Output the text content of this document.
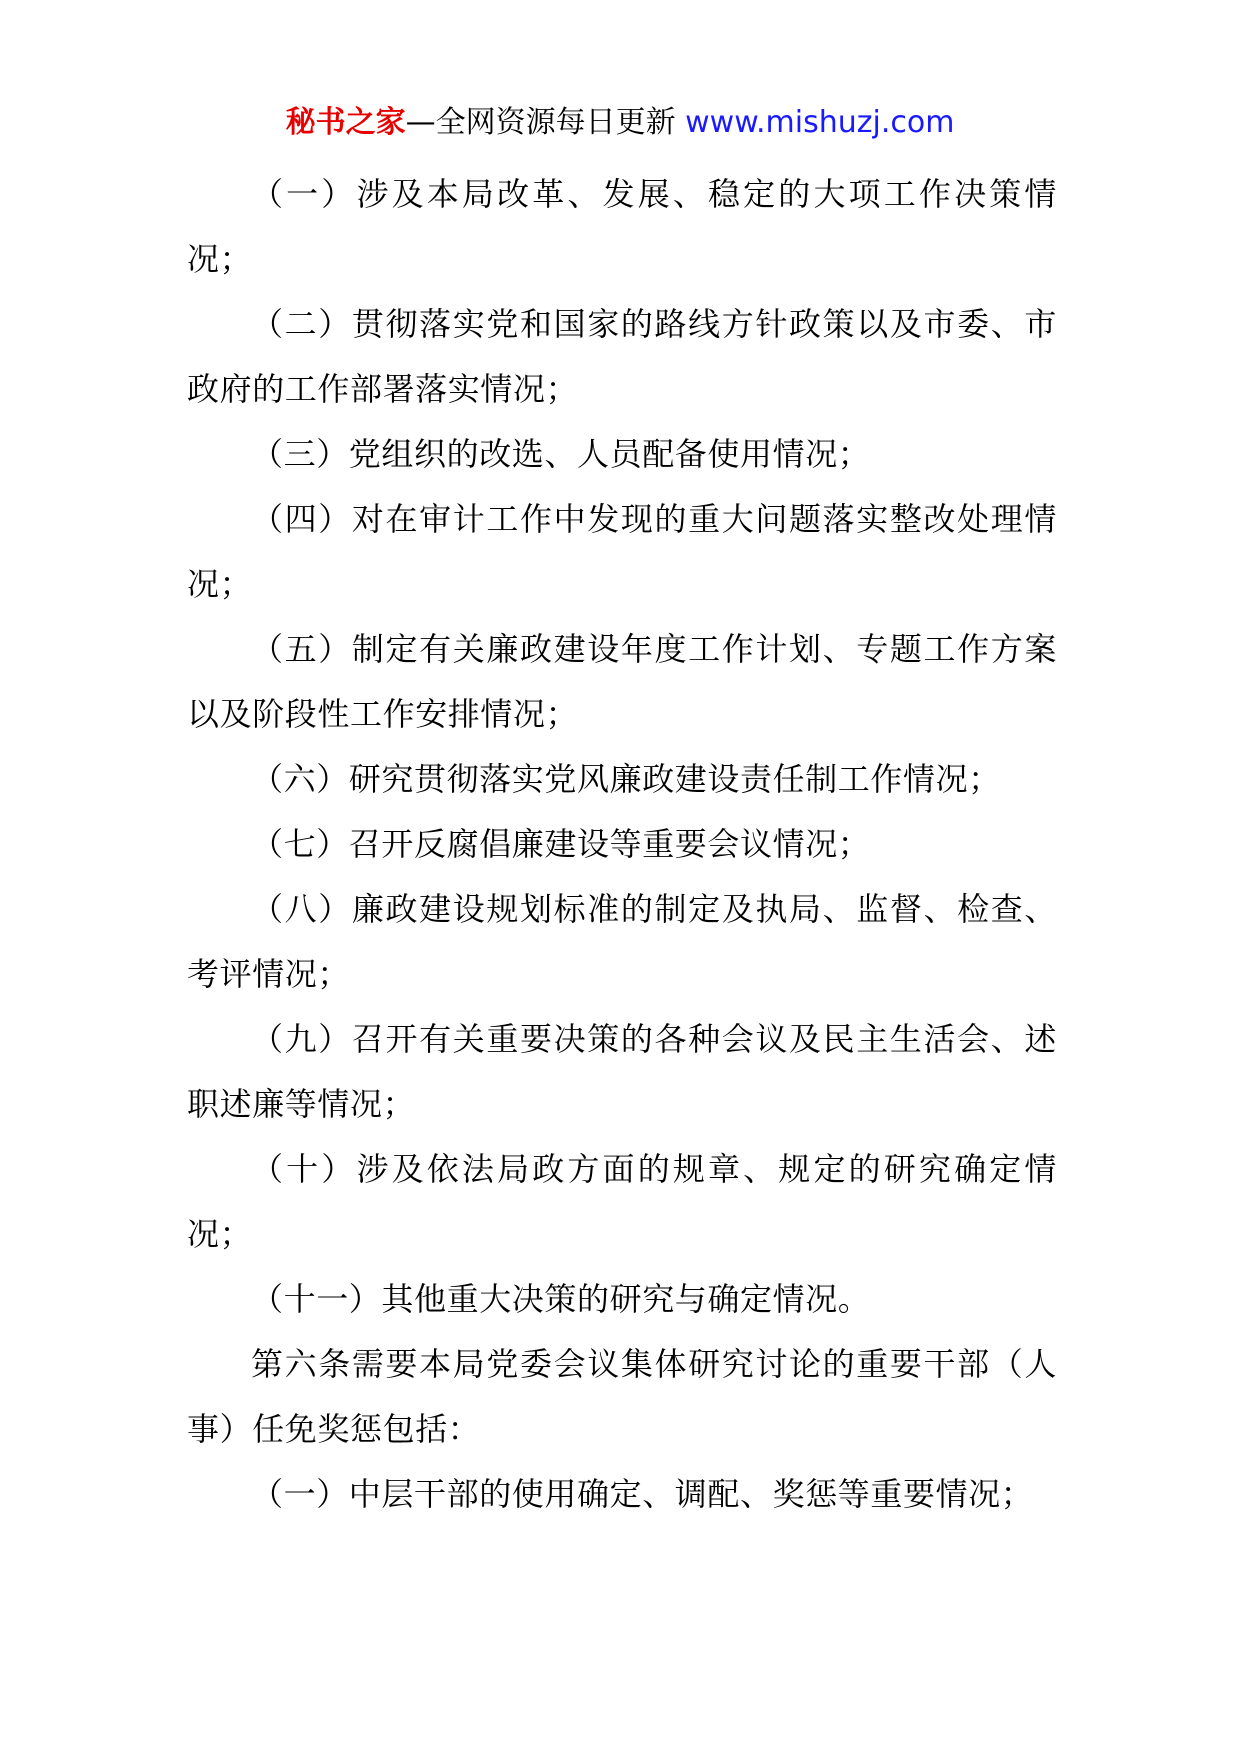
秘书之家—全网资源每日更新 www.mishuzj.com

（一）涉及本局改革、发展、稳定的大项工作决策情况；

（二）贯彻落实党和国家的路线方针政策以及市委、市政府的工作部署落实情况；

（三）党组织的改选、人员配备使用情况；

（四）对在审计工作中发现的重大问题落实整改处理情况；

（五）制定有关廉政建设年度工作计划、专题工作方案以及阶段性工作安排情况；

（六）研究贯彻落实党风廉政建设责任制工作情况；

（七）召开反腐倡廉建设等重要会议情况；

（八）廉政建设规划标准的制定及执局、监督、检查、考评情况；

（九）召开有关重要决策的各种会议及民主生活会、述职述廉等情况；

（十）涉及依法局政方面的规章、规定的研究确定情况；

（十一）其他重大决策的研究与确定情况。

第六条需要本局党委会议集体研究讨论的重要干部（人事）任免奖惩包括：

（一）中层干部的使用确定、调配、奖惩等重要情况；
